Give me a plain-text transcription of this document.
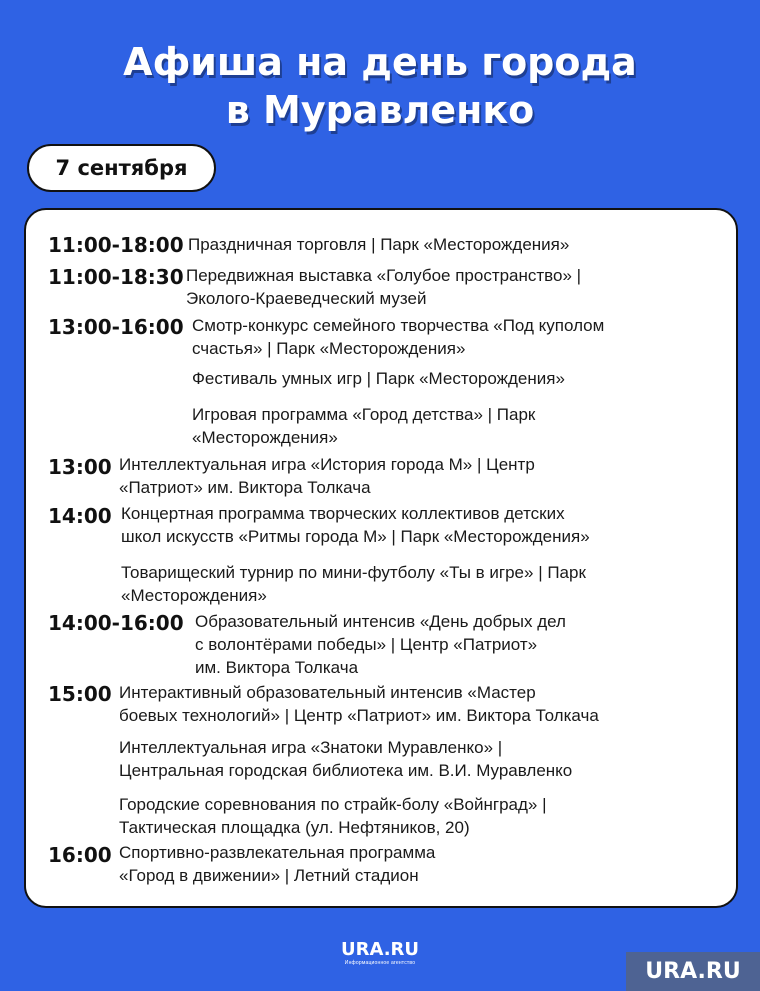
Афиша на день города
в Муравленко
7 сентября
11:00-18:00 Праздничная торговля | Парк «Месторождения»
11:00-18:30 Передвижная выставка «Голубое пространство» |
Эколого-Краеведческий музей
13:00-16:00 Смотр-конкурс семейного творчества «Под куполом
счастья» | Парк «Месторождения»
Фестиваль умных игр | Парк «Месторождения»
Игровая программа «Город детства» | Парк
«Месторождения»
13:00 Интеллектуальная игра «История города М» | Центр
«Патриот» им. Виктора Толкача
14:00 Концертная программа творческих коллективов детских
школ искусств «Ритмы города М» | Парк «Месторождения»
Товарищеский турнир по мини-футболу «Ты в игре» | Парк
«Месторождения»
14:00-16:00 Образовательный интенсив «День добрых дел
с волонтёрами победы» | Центр «Патриот»
им. Виктора Толкача
15:00 Интерактивный образовательный интенсив «Мастер
боевых технологий» | Центр «Патриот» им. Виктора Толкача
Интеллектуальная игра «Знатоки Муравленко» |
Центральная городская библиотека им. В.И. Муравленко
Городские соревнования по страйк-болу «Войнград» |
Тактическая площадка (ул. Нефтяников, 20)
16:00 Спортивно-развлекательная программа
«Город в движении» | Летний стадион
URA.RU
Информационное агентство	URA.RU
